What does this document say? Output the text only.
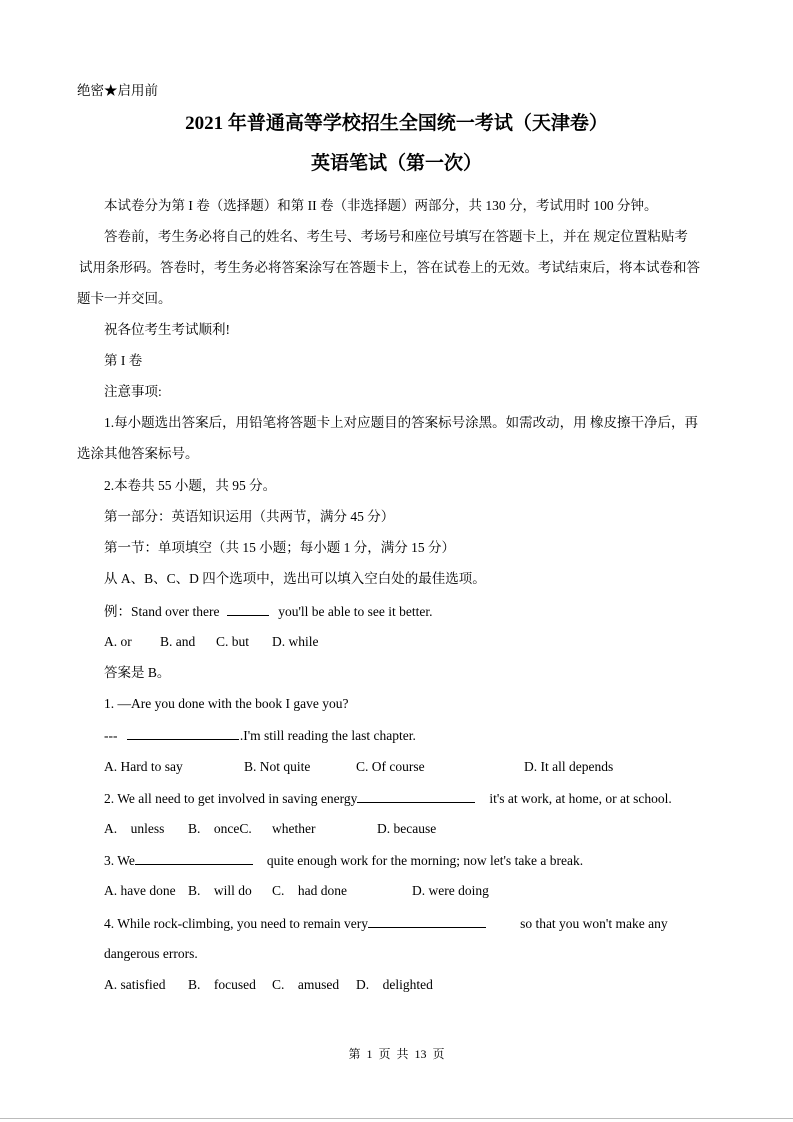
绝密★启用前
2021 年普通高等学校招生全国统一考试（天津卷）
英语笔试（第一次）
本试卷分为第 I 卷（选择题）和第 II 卷（非选择题）两部分，共 130 分，考试用时 100 分钟。
答卷前，考生务必将自己的姓名、考生号、考场号和座位号填写在答题卡上，并在 规定位置粘贴考
试用条形码。答卷时，考生务必将答案涂写在答题卡上，答在试卷上的无效。考试结束后，将本试卷和答
题卡一并交回。
祝各位考生考试顺利!
第 I 卷
注意事项:
1.每小题选出答案后，用铅笔将答题卡上对应题目的答案标号涂黑。如需改动，用 橡皮擦干净后，再
选涂其他答案标号。
2.本卷共 55 小题，共 95 分。
第一部分：英语知识运用（共两节，满分 45 分）
第一节：单项填空（共 15 小题；每小题 1 分，满分 15 分）
从 A、B、C、D 四个选项中，选出可以填入空白处的最佳选项。
例：Stand over there	you'll be able to see it better.
A. or B. and C. but D. while
答案是 B。
1. —Are you done with the book I gave you?
---	.I'm still reading the last chapter.
A. Hard to say	B. Not quite	C. Of course	D. It all depends
2. We all need to get involved in saving energy	it's at work, at home, or at school.
A.    unless B.    onceC. whether	D. because
3. We	quite enough work for the morning; now let's take a break.
A. have done B.    will do C.    had done	D. were doing
4. While rock-climbing, you need to remain very	so that you won't make any
dangerous errors.
A. satisfied B.    focused C.    amused D.    delighted
第  1  页  共  13  页
